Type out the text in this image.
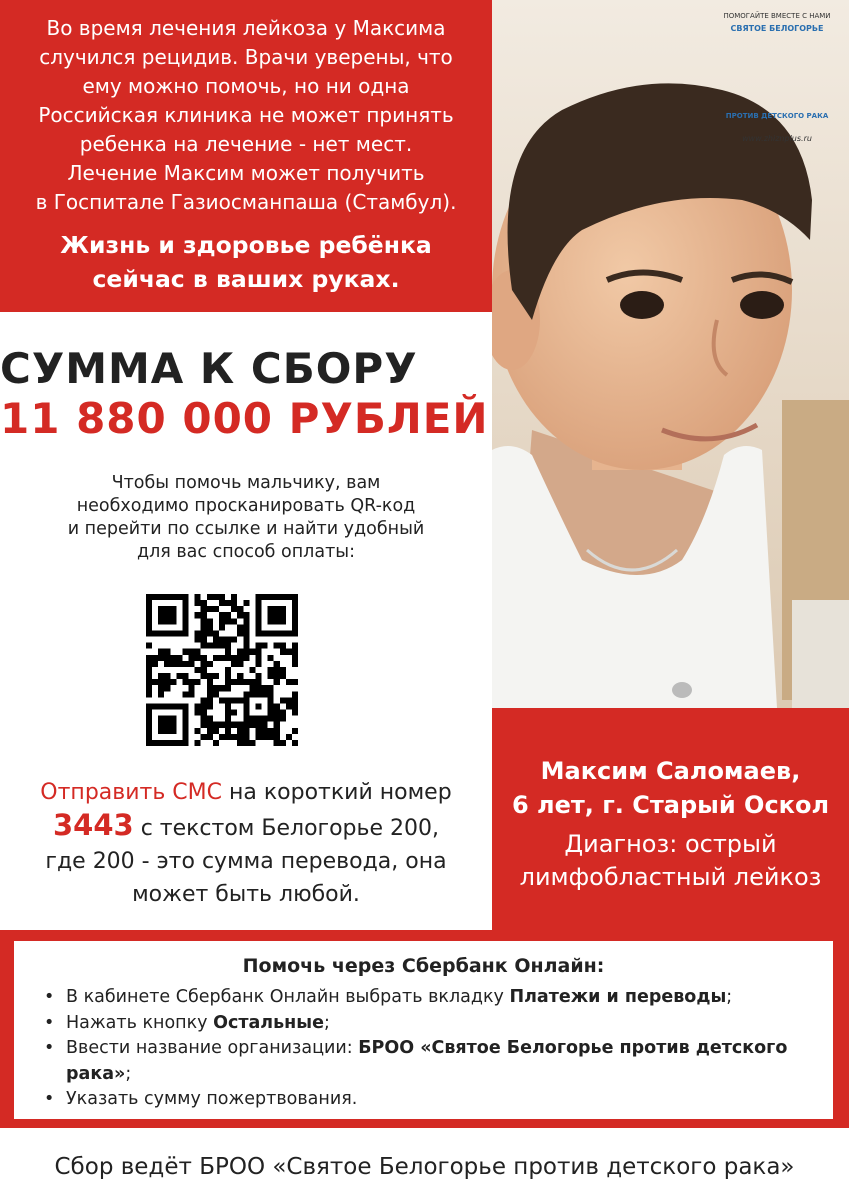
Во время лечения лейкоза у Максима
случился рецидив. Врачи уверены, что
ему можно помочь, но ни одна
Российская клиника не может принять
ребенка на лечение - нет мест.
Лечение Максим может получить
в Госпитале Газиосманпаша (Стамбул).
Жизнь и здоровье ребёнка
сейчас в ваших руках.
ПОМОГАЙТЕ ВМЕСТЕ С НАМИ
СВЯТОЕ БЕЛОГОРЬЕ
ПРОТИВ ДЕТСКОГО РАКА
www.zhiznplus.ru
СУММА К СБОРУ
11 880 000 РУБЛЕЙ
Чтобы помочь мальчику, вам
необходимо просканировать QR-код
и перейти по ссылке и найти удобный
для вас способ оплаты:
Отправить СМС на короткий номер
3443 с текстом Белогорье 200,
где 200 - это сумма перевода, она
может быть любой.
Максим Саломаев,
6 лет, г. Старый Оскол
Диагноз: острый
лимфобластный лейкоз
Помочь через Сбербанк Онлайн:
• В кабинете Сбербанк Онлайн выбрать вкладку Платежи и переводы;
• Нажать кнопку Остальные;
• Ввести название организации: БРОО «Святое Белогорье против детского рака»;
• Указать сумму пожертвования.
Сбор ведёт БРОО «Святое Белогорье против детского рака»
